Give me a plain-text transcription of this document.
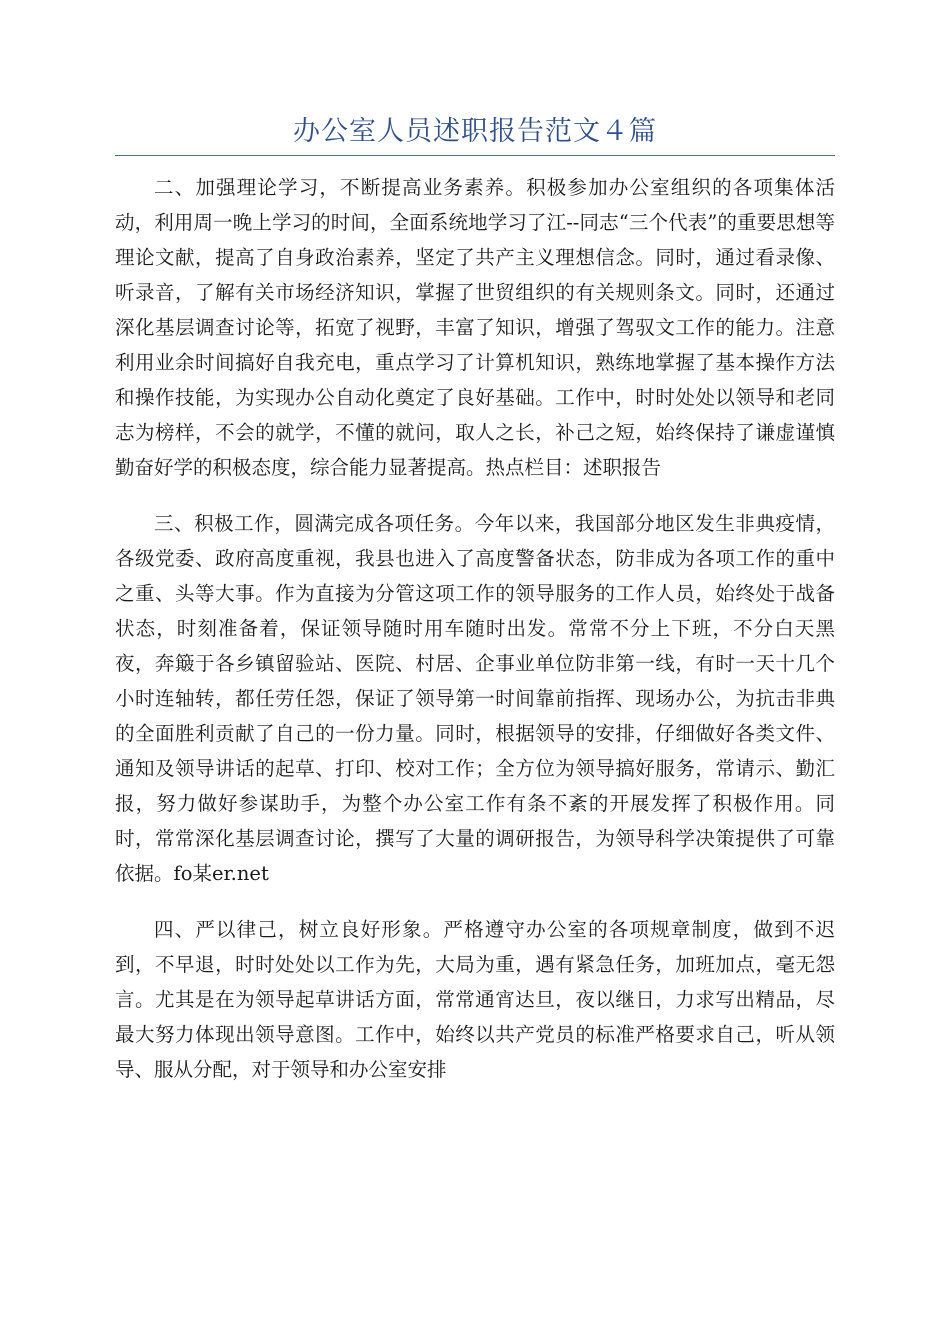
办公室人员述职报告范文４篇

二、加强理论学习，不断提高业务素养。积极参加办公室组织的各项集体活动，利用周一晚上学习的时间，全面系统地学习了江--同志“三个代表”的重要思想等理论文献，提高了自身政治素养，坚定了共产主义理想信念。同时，通过看录像、听录音，了解有关市场经济知识，掌握了世贸组织的有关规则条文。同时，还通过深化基层调查讨论等，拓宽了视野，丰富了知识，增强了驾驭文工作的能力。注意利用业余时间搞好自我充电，重点学习了计算机知识，熟练地掌握了基本操作方法和操作技能，为实现办公自动化奠定了良好基础。工作中，时时处处以领导和老同志为榜样，不会的就学，不懂的就问，取人之长，补己之短，始终保持了谦虚谨慎勤奋好学的积极态度，综合能力显著提高。热点栏目：述职报告

三、积极工作，圆满完成各项任务。今年以来，我国部分地区发生非典疫情，各级党委、政府高度重视，我县也进入了高度警备状态，防非成为各项工作的重中之重、头等大事。作为直接为分管这项工作的领导服务的工作人员，始终处于战备状态，时刻准备着，保证领导随时用车随时出发。常常不分上下班，不分白天黑夜，奔簸于各乡镇留验站、医院、村居、企事业单位防非第一线，有时一天十几个小时连轴转，都任劳任怨，保证了领导第一时间靠前指挥、现场办公，为抗击非典的全面胜利贡献了自己的一份力量。同时，根据领导的安排，仔细做好各类文件、通知及领导讲话的起草、打印、校对工作；全方位为领导搞好服务，常请示、勤汇报，努力做好参谋助手，为整个办公室工作有条不紊的开展发挥了积极作用。同时，常常深化基层调查讨论，撰写了大量的调研报告，为领导科学决策提供了可靠依据。fo某er.net

四、严以律己，树立良好形象。严格遵守办公室的各项规章制度，做到不迟到，不早退，时时处处以工作为先，大局为重，遇有紧急任务，加班加点，毫无怨言。尤其是在为领导起草讲话方面，常常通宵达旦，夜以继日，力求写出精品，尽最大努力体现出领导意图。工作中，始终以共产党员的标准严格要求自己，听从领导、服从分配，对于领导和办公室安排
